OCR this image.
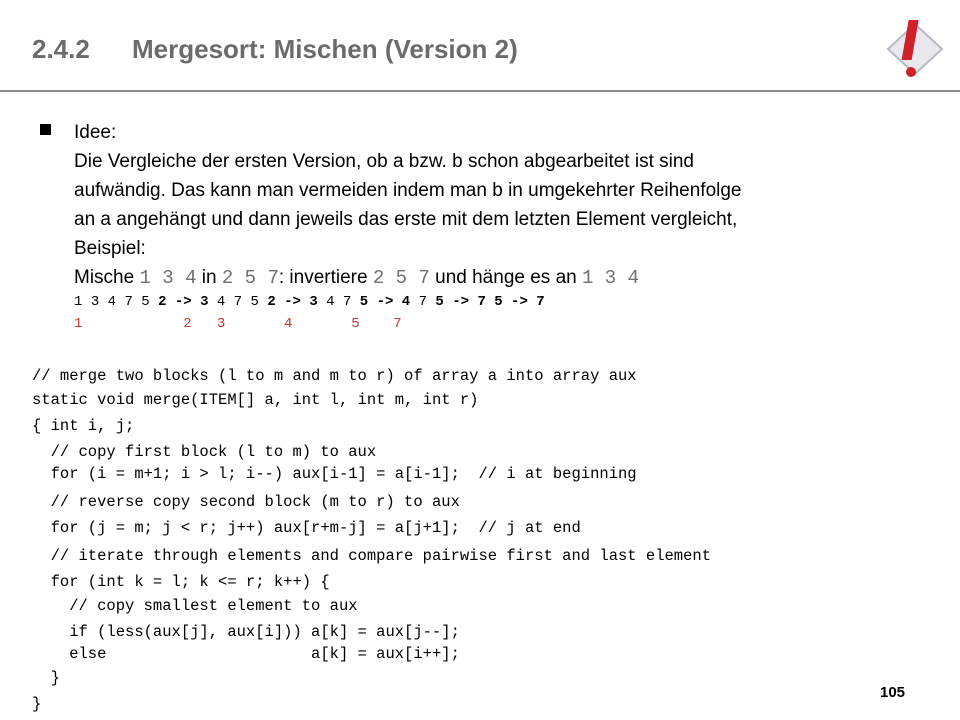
2.4.2 Mergesort: Mischen (Version 2)
Idee:
Die Vergleiche der ersten Version, ob a bzw. b schon abgearbeitet ist sind
aufwändig. Das kann man vermeiden indem man b in umgekehrter Reihenfolge
an a angehängt und dann jeweils das erste mit dem letzten Element vergleicht,
Beispiel:
Mische 1 3 4 in 2 5 7: invertiere 2 5 7 und hänge es an 1 3 4
1 3 4 7 5 2 -> 3 4 7 5 2 -> 3 4 7 5 -> 4 7 5 -> 7 5 -> 7
1            2   3       4       5    7
// merge two blocks (l to m and m to r) of array a into array aux
static void merge(ITEM[] a, int l, int m, int r)
{ int i, j;
// copy first block (l to m) to aux
for (i = m+1; i > l; i--) aux[i-1] = a[i-1];  // i at beginning
// reverse copy second block (m to r) to aux
for (j = m; j < r; j++) aux[r+m-j] = a[j+1];  // j at end
// iterate through elements and compare pairwise first and last element
for (int k = l; k <= r; k++) {
// copy smallest element to aux
if (less(aux[j], aux[i])) a[k] = aux[j--];
else                      a[k] = aux[i++];
}
}
105
